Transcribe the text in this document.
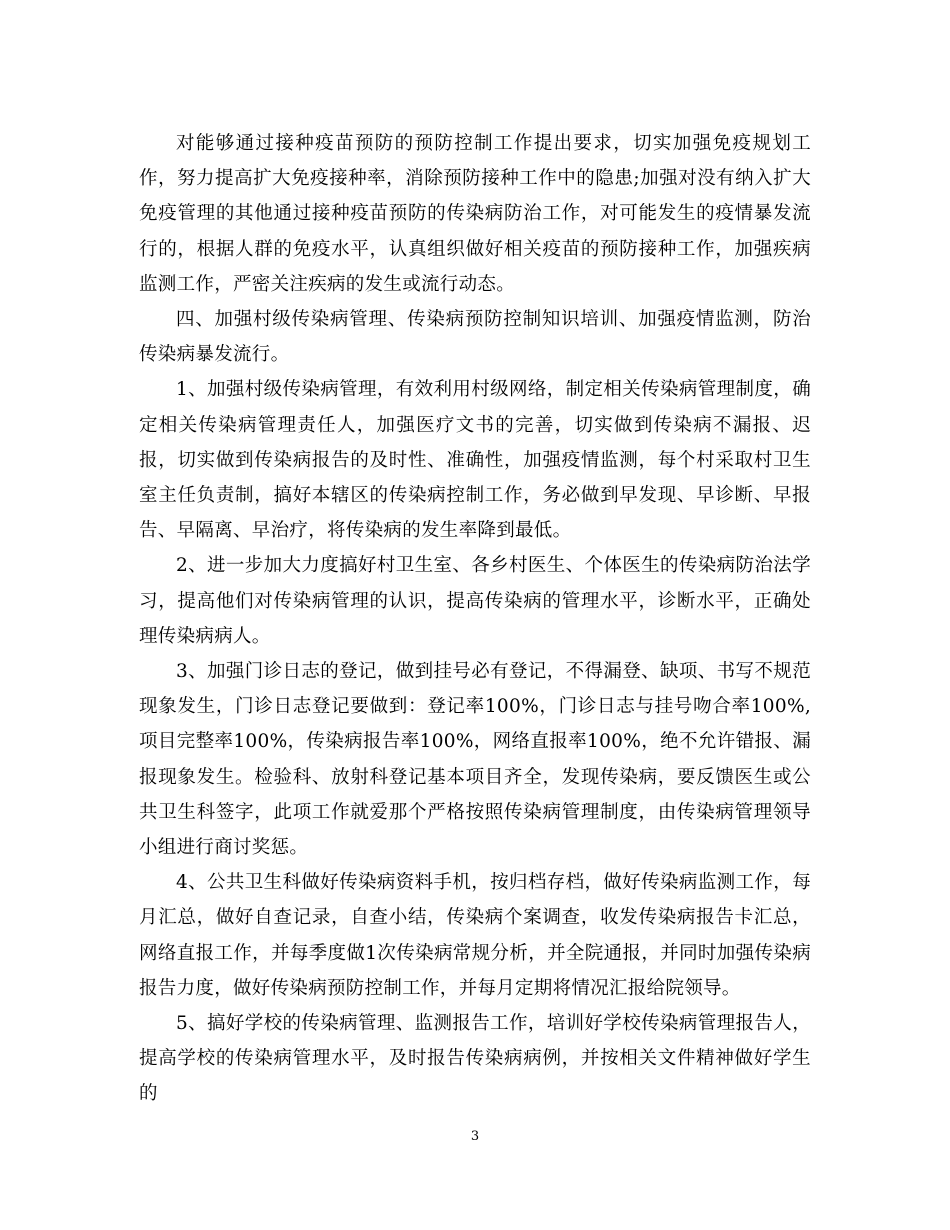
对能够通过接种疫苗预防的预防控制工作提出要求，切实加强免疫规划工作，努力提高扩大免疫接种率，消除预防接种工作中的隐患;加强对没有纳入扩大免疫管理的其他通过接种疫苗预防的传染病防治工作，对可能发生的疫情暴发流行的，根据人群的免疫水平，认真组织做好相关疫苗的预防接种工作，加强疾病监测工作，严密关注疾病的发生或流行动态。

四、加强村级传染病管理、传染病预防控制知识培训、加强疫情监测，防治传染病暴发流行。

1、加强村级传染病管理，有效利用村级网络，制定相关传染病管理制度，确定相关传染病管理责任人，加强医疗文书的完善，切实做到传染病不漏报、迟报，切实做到传染病报告的及时性、准确性，加强疫情监测，每个村采取村卫生室主任负责制，搞好本辖区的传染病控制工作，务必做到早发现、早诊断、早报告、早隔离、早治疗，将传染病的发生率降到最低。

2、进一步加大力度搞好村卫生室、各乡村医生、个体医生的传染病防治法学习，提高他们对传染病管理的认识，提高传染病的管理水平，诊断水平，正确处理传染病病人。

3、加强门诊日志的登记，做到挂号必有登记，不得漏登、缺项、书写不规范现象发生，门诊日志登记要做到：登记率100%，门诊日志与挂号吻合率100%,项目完整率100%，传染病报告率100%，网络直报率100%，绝不允许错报、漏报现象发生。检验科、放射科登记基本项目齐全，发现传染病，要反馈医生或公共卫生科签字，此项工作就爱那个严格按照传染病管理制度，由传染病管理领导小组进行商讨奖惩。

4、公共卫生科做好传染病资料手机，按归档存档，做好传染病监测工作，每月汇总，做好自查记录，自查小结，传染病个案调查，收发传染病报告卡汇总，网络直报工作，并每季度做1次传染病常规分析，并全院通报，并同时加强传染病报告力度，做好传染病预防控制工作，并每月定期将情况汇报给院领导。

5、搞好学校的传染病管理、监测报告工作，培训好学校传染病管理报告人，提高学校的传染病管理水平，及时报告传染病病例，并按相关文件精神做好学生的

3
